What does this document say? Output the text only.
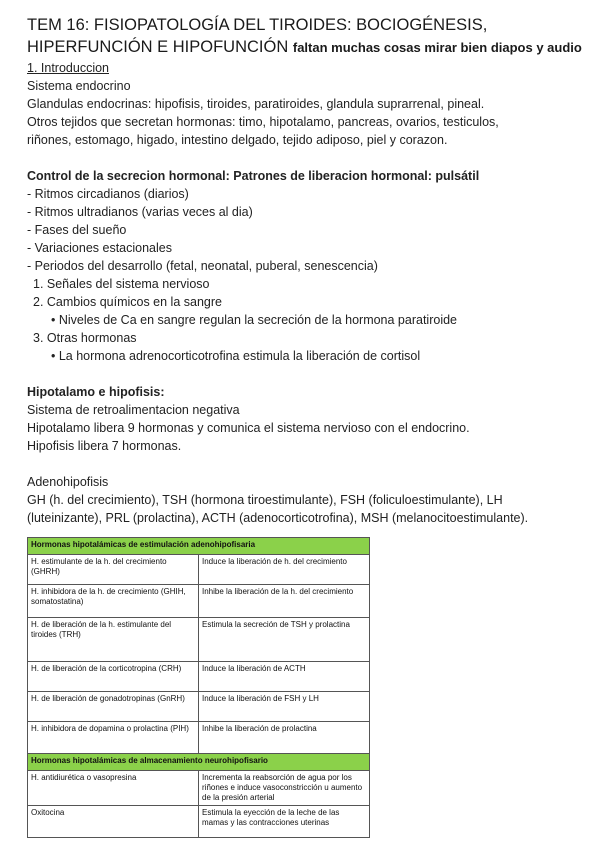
TEM 16: FISIOPATOLOGÍA DEL TIROIDES: BOCIOGÉNESIS,
HIPERFUNCIÓN E HIPOFUNCIÓN faltan muchas cosas mirar bien diapos y audio
1. Introduccion
Sistema endocrino
Glandulas endocrinas: hipofisis, tiroides, paratiroides, glandula suprarrenal, pineal.
Otros tejidos que secretan hormonas: timo, hipotalamo, pancreas, ovarios, testiculos,
riñones, estomago, higado, intestino delgado, tejido adiposo, piel y corazon.
Control de la secrecion hormonal: Patrones de liberacion hormonal: pulsátil
- Ritmos circadianos (diarios)
- Ritmos ultradianos (varias veces al dia)
- Fases del sueño
- Variaciones estacionales
- Periodos del desarrollo (fetal, neonatal, puberal, senescencia)
1. Señales del sistema nervioso
2. Cambios químicos en la sangre
• Niveles de Ca en sangre regulan la secreción de la hormona paratiroide
3. Otras hormonas
• La hormona adrenocorticotrofina estimula la liberación de cortisol
Hipotalamo e hipofisis:
Sistema de retroalimentacion negativa
Hipotalamo libera 9 hormonas y comunica el sistema nervioso con el endocrino.
Hipofisis libera 7 hormonas.
Adenohipofisis
GH (h. del crecimiento), TSH (hormona tiroestimulante), FSH (foliculoestimulante), LH
(luteinizante), PRL (prolactina), ACTH (adenocorticotrofina), MSH (melanocitoestimulante).
Hormonas hipotalámicas de estimulación adenohipofisaria	
H. estimulante de la h. del crecimiento (GHRH)	Induce la liberación de h. del crecimiento
H. inhibidora de la h. de crecimiento (GHIH, somatostatina)	Inhibe la liberación de la h. del crecimiento
H. de liberación de la h. estimulante del tiroides (TRH)	Estimula la secreción de TSH y prolactina
H. de liberación de la corticotropina (CRH)	Induce la liberación de ACTH
H. de liberación de gonadotropinas (GnRH)	Induce la liberación de FSH y LH
H. inhibidora de dopamina o prolactina (PIH)	Inhibe la liberación de prolactina
Hormonas hipotalámicas de almacenamiento neurohipofisario	
H. antidiurética o vasopresina	Incrementa la reabsorción de agua por los riñones e induce vasoconstricción u aumento de la presión arterial
Oxitocina	Estimula la eyección de la leche de las mamas y las contracciones uterinas
